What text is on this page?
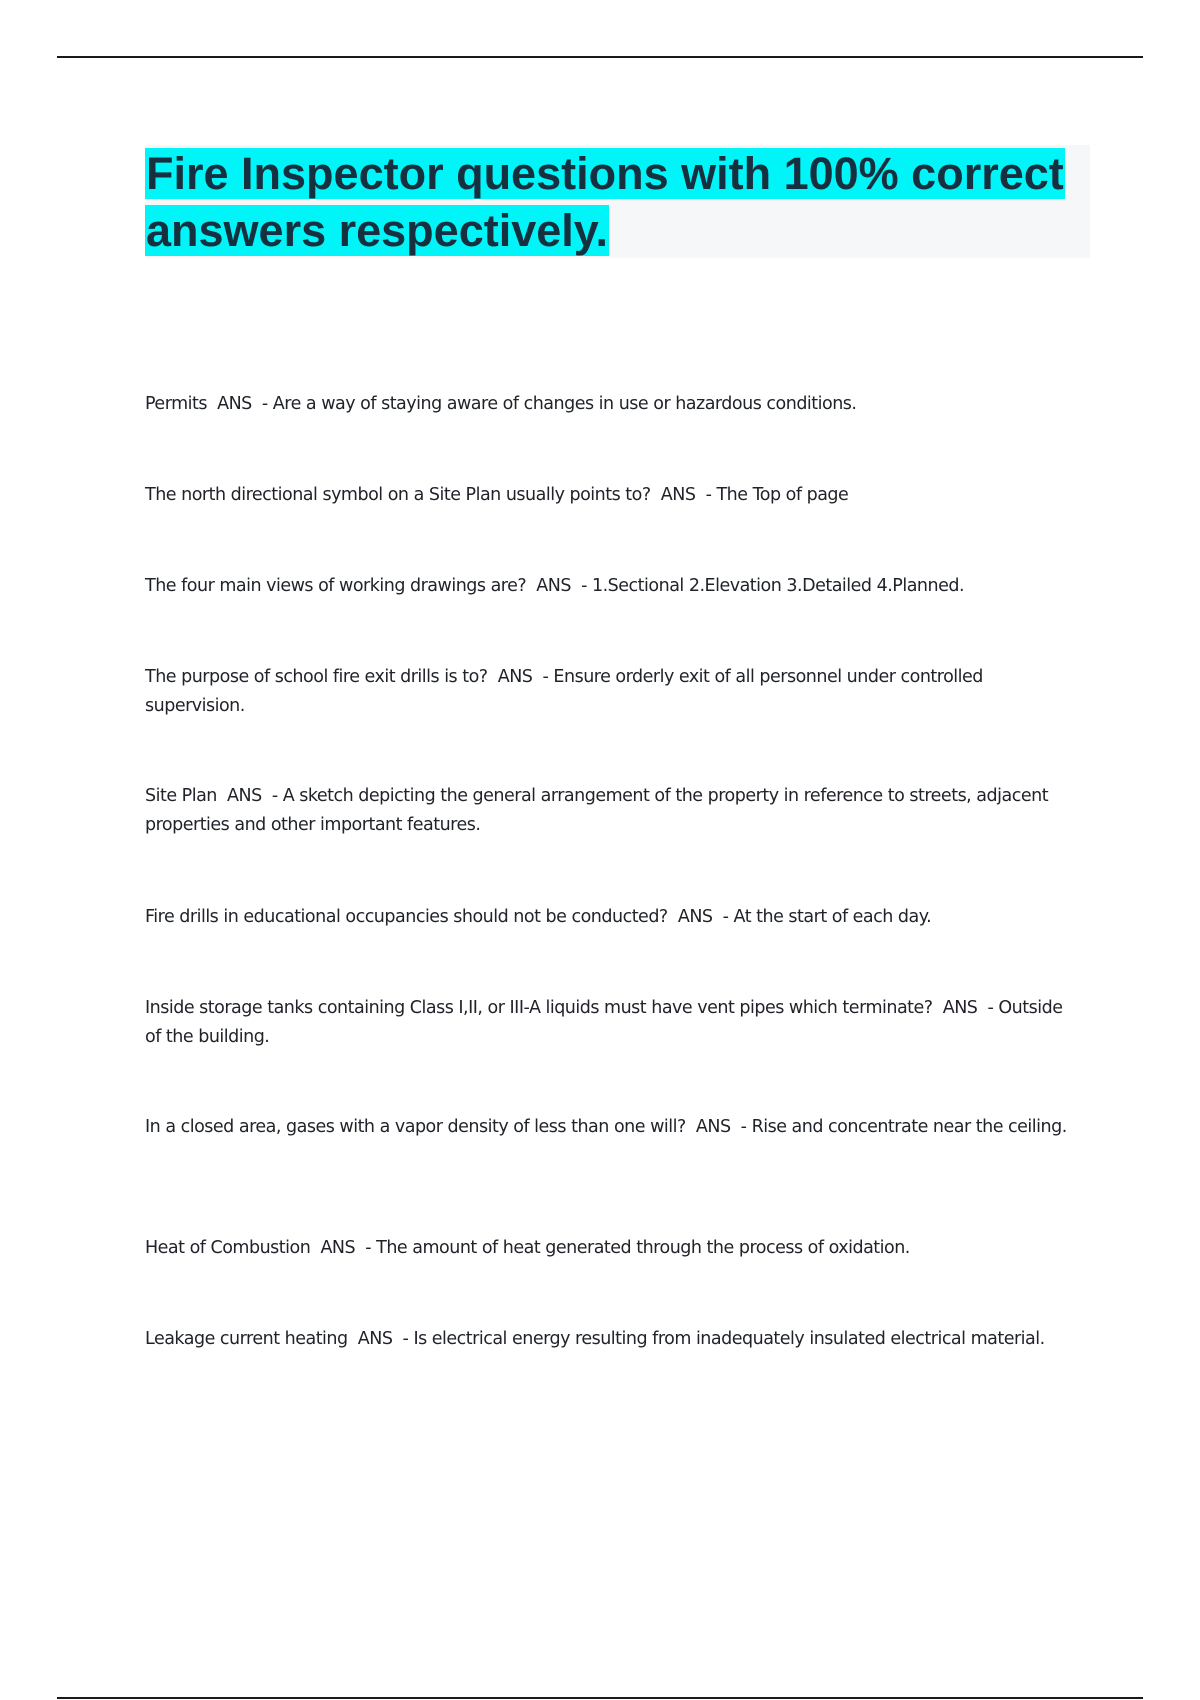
Fire Inspector questions with 100% correct answers respectively.
Permits  ANS  - Are a way of staying aware of changes in use or hazardous conditions.
The north directional symbol on a Site Plan usually points to?  ANS  - The Top of page
The four main views of working drawings are?  ANS  - 1.Sectional 2.Elevation 3.Detailed 4.Planned.
The purpose of school fire exit drills is to?  ANS  - Ensure orderly exit of all personnel under controlled supervision.
Site Plan  ANS  - A sketch depicting the general arrangement of the property in reference to streets, adjacent properties and other important features.
Fire drills in educational occupancies should not be conducted?  ANS  - At the start of each day.
Inside storage tanks containing Class I,II, or III-A liquids must have vent pipes which terminate?  ANS  - Outside of the building.
In a closed area, gases with a vapor density of less than one will?  ANS  - Rise and concentrate near the ceiling.
Heat of Combustion  ANS  - The amount of heat generated through the process of oxidation.
Leakage current heating  ANS  - Is electrical energy resulting from inadequately insulated electrical material.
